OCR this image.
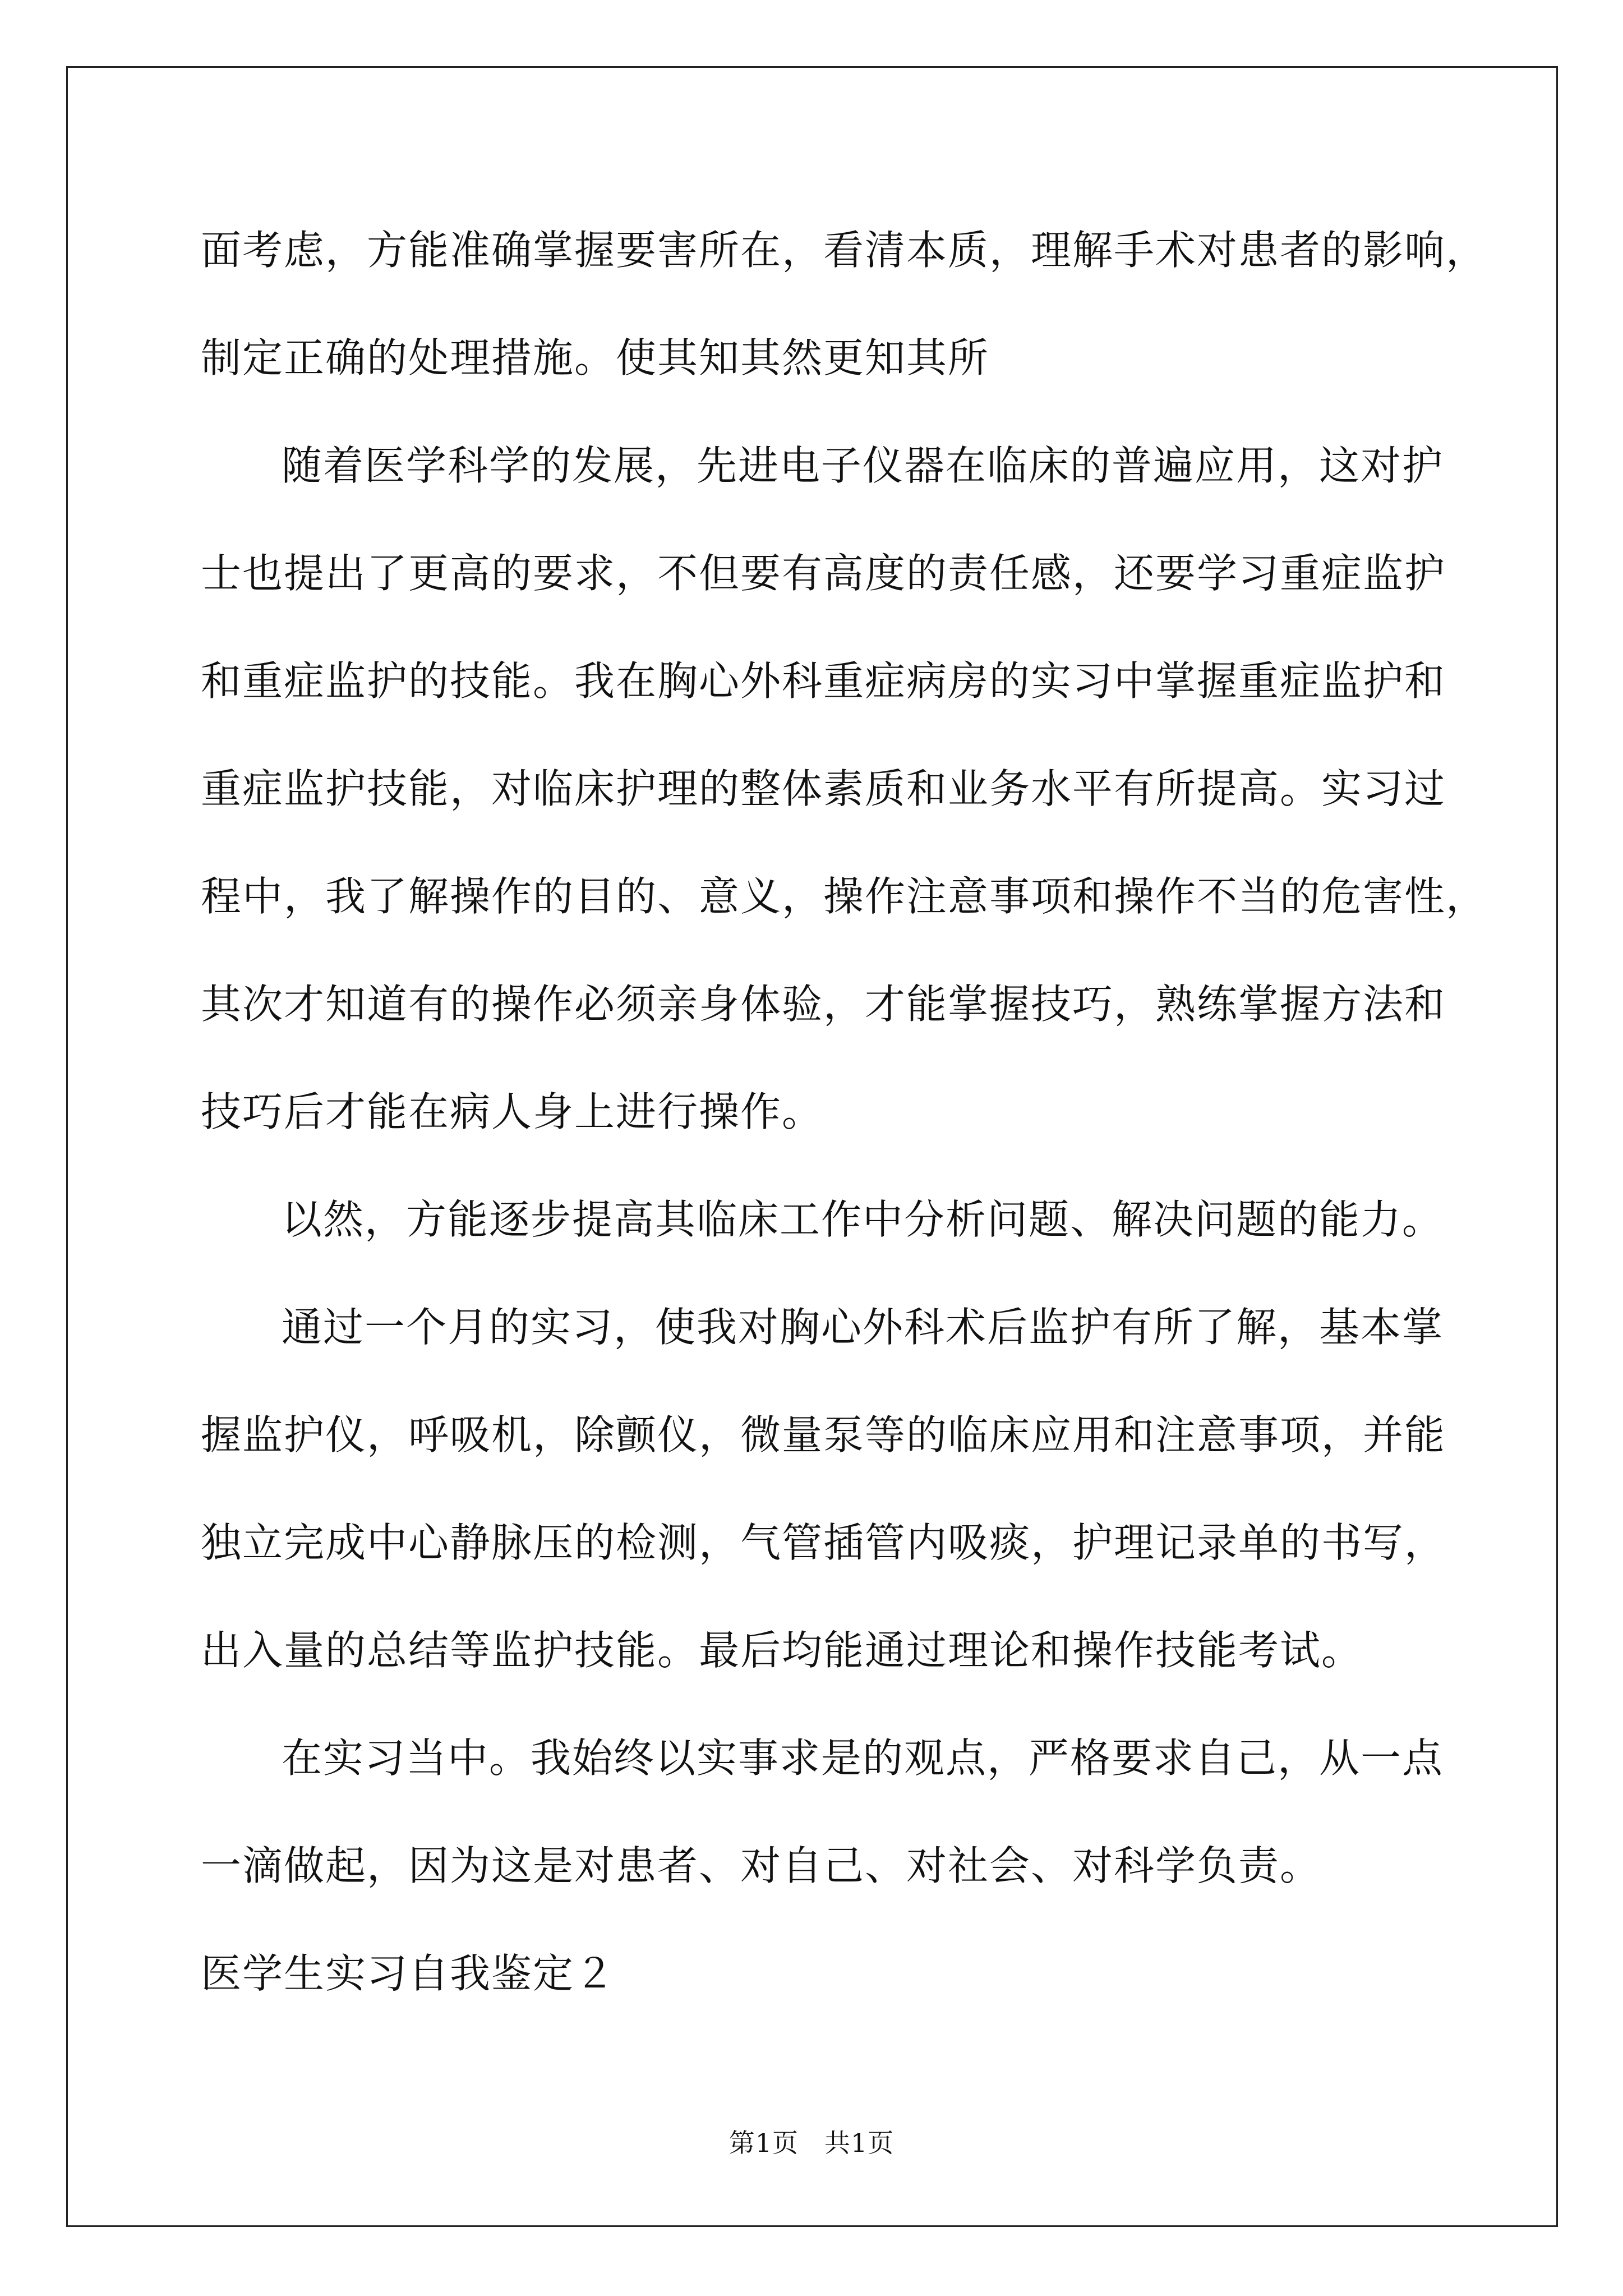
面考虑，方能准确掌握要害所在，看清本质，理解手术对患者的影响，
制定正确的处理措施。使其知其然更知其所
随着医学科学的发展，先进电子仪器在临床的普遍应用，这对护
士也提出了更高的要求，不但要有高度的责任感，还要学习重症监护
和重症监护的技能。我在胸心外科重症病房的实习中掌握重症监护和
重症监护技能，对临床护理的整体素质和业务水平有所提高。实习过
程中，我了解操作的目的、意义，操作注意事项和操作不当的危害性，
其次才知道有的操作必须亲身体验，才能掌握技巧，熟练掌握方法和
技巧后才能在病人身上进行操作。
以然，方能逐步提高其临床工作中分析问题、解决问题的能力。
通过一个月的实习，使我对胸心外科术后监护有所了解，基本掌
握监护仪，呼吸机，除颤仪，微量泵等的临床应用和注意事项，并能
独立完成中心静脉压的检测，气管插管内吸痰，护理记录单的书写，
出入量的总结等监护技能。最后均能通过理论和操作技能考试。
在实习当中。我始终以实事求是的观点，严格要求自己，从一点
一滴做起，因为这是对患者、对自己、对社会、对科学负责。
医学生实习自我鉴定２
第1页 共1页
